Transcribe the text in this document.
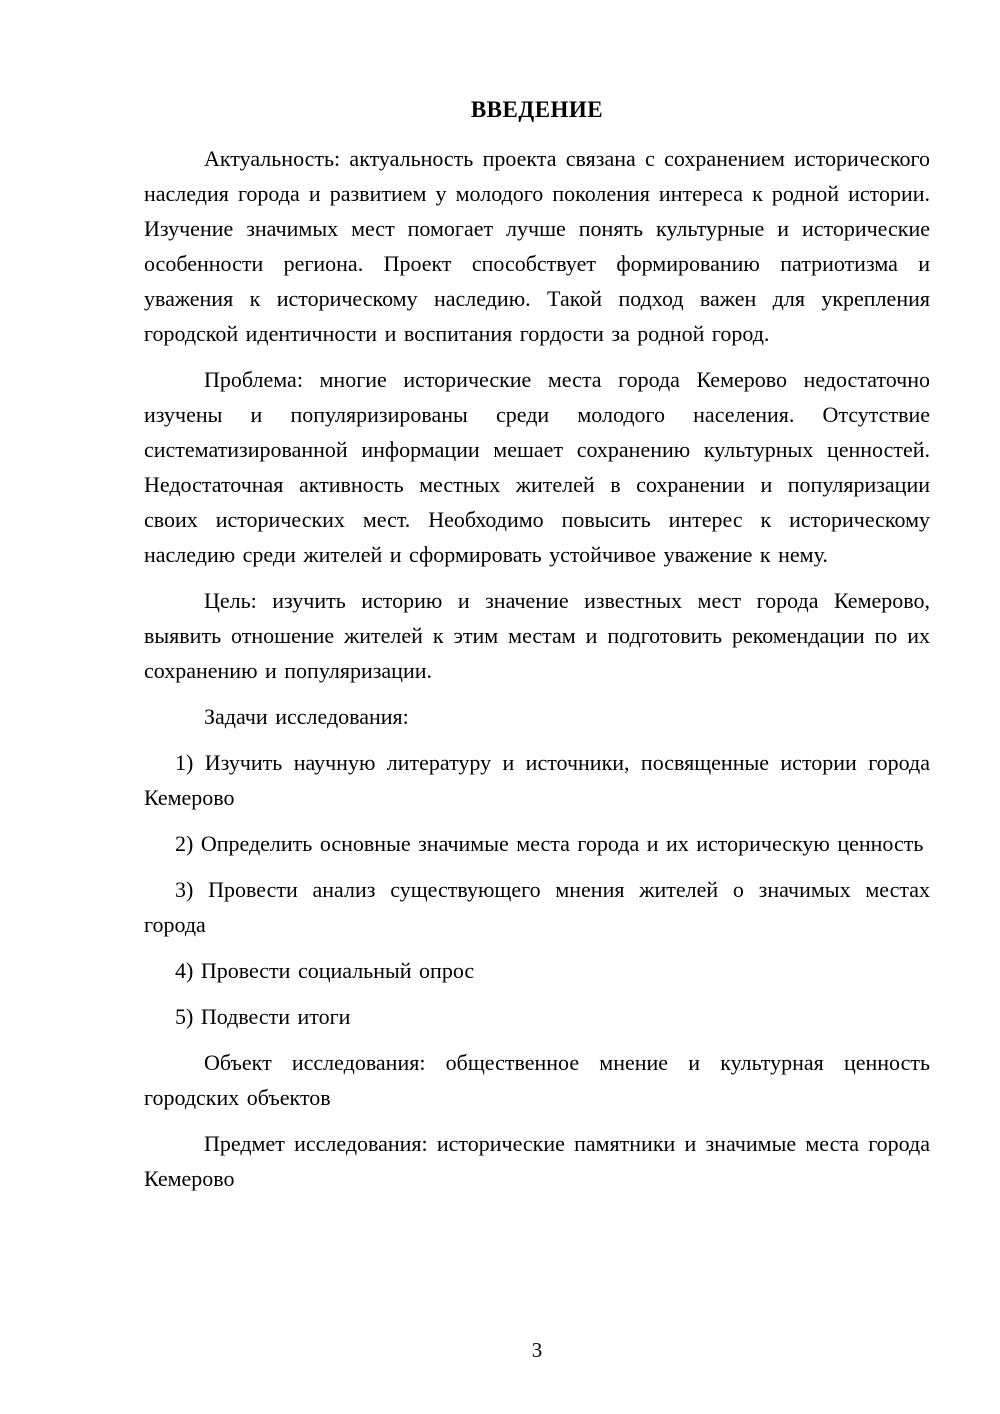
ВВЕДЕНИЕ

Актуальность: актуальность проекта связана с сохранением исторического наследия города и развитием у молодого поколения интереса к родной истории. Изучение значимых мест помогает лучше понять культурные и исторические особенности региона. Проект способствует формированию патриотизма и уважения к историческому наследию. Такой подход важен для укрепления городской идентичности и воспитания гордости за родной город.

Проблема: многие исторические места города Кемерово недостаточно изучены и популяризированы среди молодого населения. Отсутствие систематизированной информации мешает сохранению культурных ценностей. Недостаточная активность местных жителей в сохранении и популяризации своих исторических мест. Необходимо повысить интерес к историческому наследию среди жителей и сформировать устойчивое уважение к нему.

Цель: изучить историю и значение известных мест города Кемерово, выявить отношение жителей к этим местам и подготовить рекомендации по их сохранению и популяризации.

Задачи исследования:

1) Изучить научную литературу и источники, посвященные истории города Кемерово

2) Определить основные значимые места города и их историческую ценность

3) Провести анализ существующего мнения жителей о значимых местах города

4) Провести социальный опрос

5) Подвести итоги

Объект исследования: общественное мнение и культурная ценность городских объектов

Предмет исследования: исторические памятники и значимые места города Кемерово

3
